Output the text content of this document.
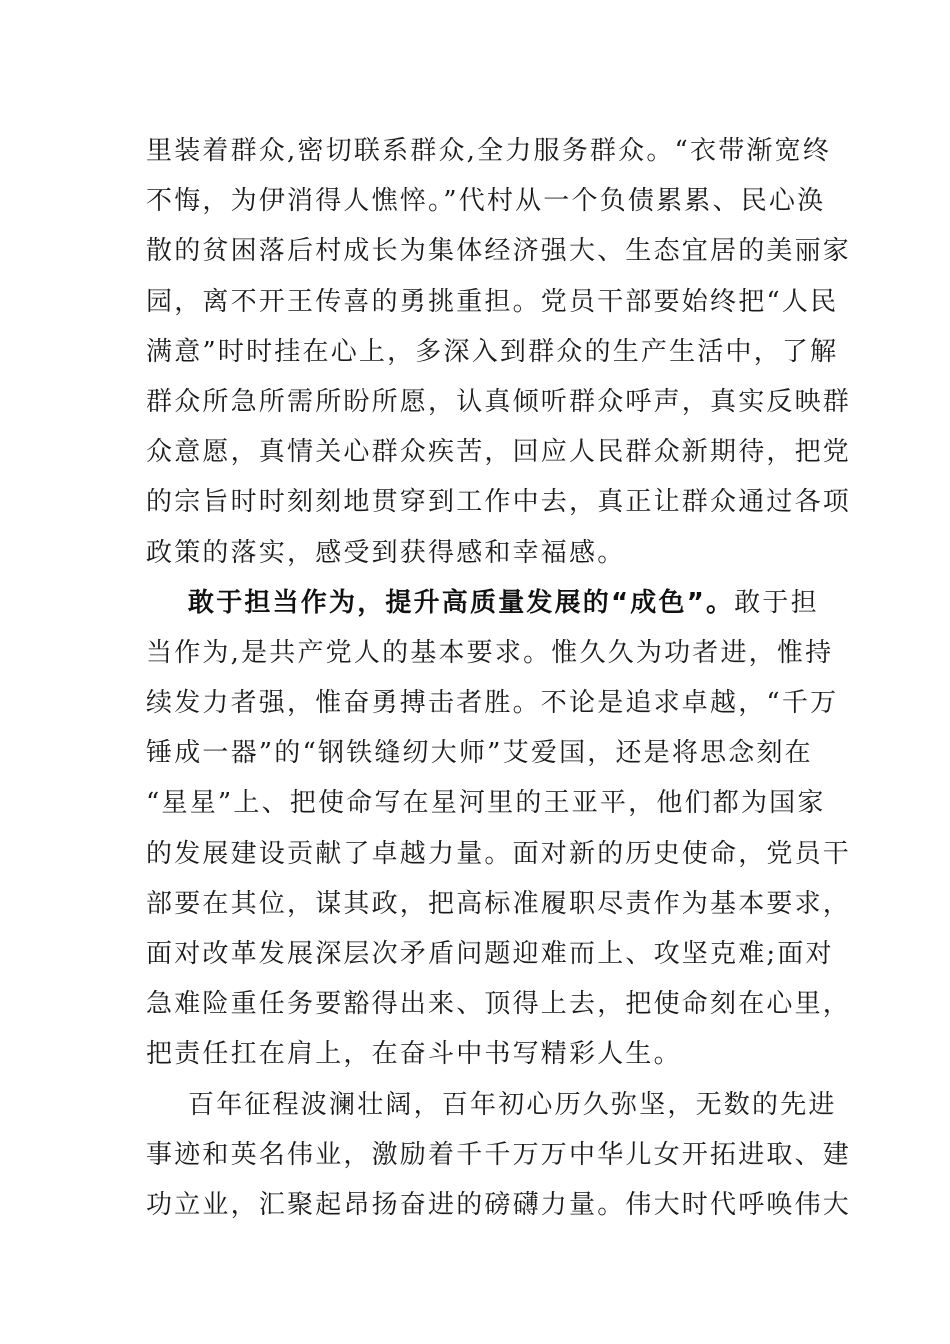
里装着群众,密切联系群众,全力服务群众。“衣带渐宽终
不悔，为伊消得人憔悴。”代村从一个负债累累、民心涣
散的贫困落后村成长为集体经济强大、生态宜居的美丽家
园，离不开王传喜的勇挑重担。党员干部要始终把“人民
满意”时时挂在心上，多深入到群众的生产生活中，了解
群众所急所需所盼所愿，认真倾听群众呼声，真实反映群
众意愿，真情关心群众疾苦，回应人民群众新期待，把党
的宗旨时时刻刻地贯穿到工作中去，真正让群众通过各项
政策的落实，感受到获得感和幸福感。
敢于担当作为，提升高质量发展的“成色”。敢于担
当作为,是共产党人的基本要求。惟久久为功者进，惟持
续发力者强，惟奋勇搏击者胜。不论是追求卓越，“千万
锤成一器”的“钢铁缝纫大师”艾爱国，还是将思念刻在
“星星”上、把使命写在星河里的王亚平，他们都为国家
的发展建设贡献了卓越力量。面对新的历史使命，党员干
部要在其位，谋其政，把高标准履职尽责作为基本要求，
面对改革发展深层次矛盾问题迎难而上、攻坚克难;面对
急难险重任务要豁得出来、顶得上去，把使命刻在心里，
把责任扛在肩上，在奋斗中书写精彩人生。
百年征程波澜壮阔，百年初心历久弥坚，无数的先进
事迹和英名伟业，激励着千千万万中华儿女开拓进取、建
功立业，汇聚起昂扬奋进的磅礴力量。伟大时代呼唤伟大
